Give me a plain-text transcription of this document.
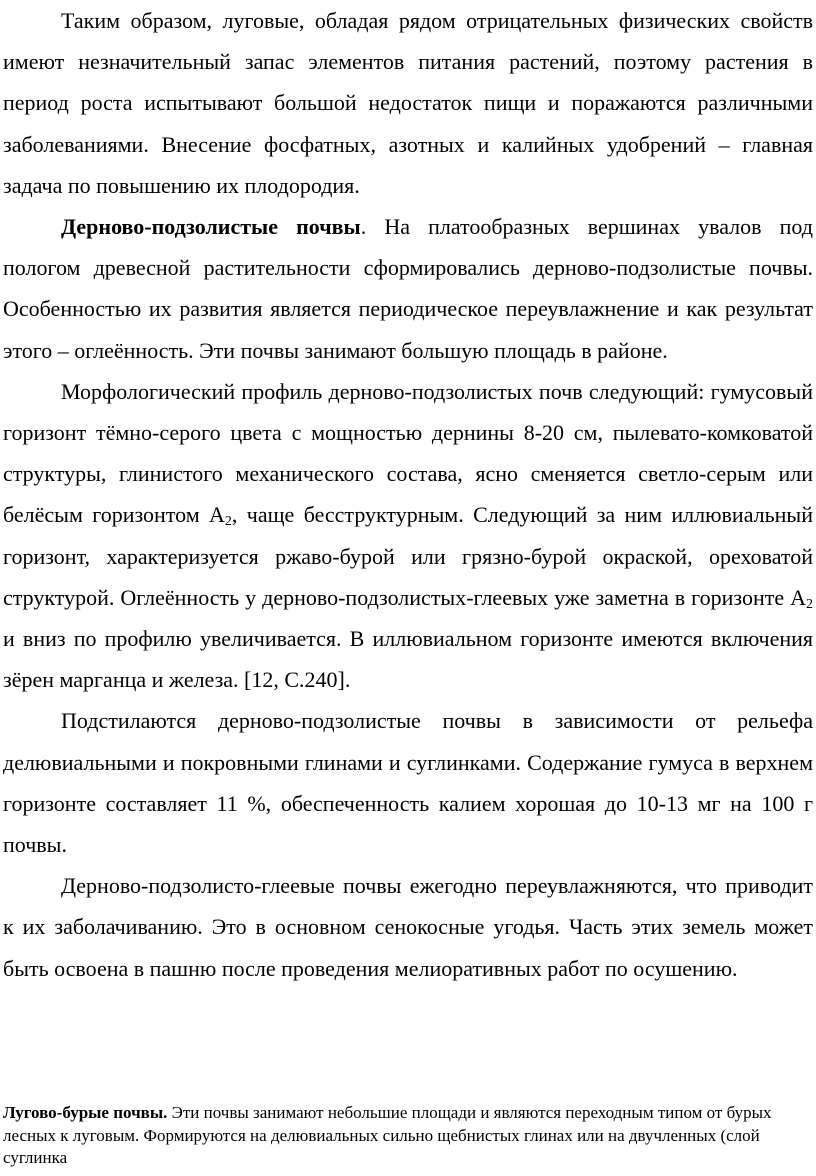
Таким образом, луговые, обладая рядом отрицательных физических свойств имеют незначительный запас элементов питания растений, поэтому растения в период роста испытывают большой недостаток пищи и поражаются различными заболеваниями. Внесение фосфатных, азотных и калийных удобрений – главная задача по повышению их плодородия.

Дерново-подзолистые почвы. На платообразных вершинах увалов под пологом древесной растительности сформировались дерново-подзолистые почвы. Особенностью их развития является периодическое переувлажнение и как результат этого – оглеённость. Эти почвы занимают большую площадь в районе.

Морфологический профиль дерново-подзолистых почв следующий: гумусовый горизонт тёмно-серого цвета с мощностью дернины 8-20 см, пылевато-комковатой структуры, глинистого механического состава, ясно сменяется светло-серым или белёсым горизонтом $А_2$, чаще бесструктурным. Следующий за ним иллювиальный горизонт, характеризуется ржаво-бурой или грязно-бурой окраской, ореховатой структурой. Оглеённость у дерново-подзолистых-глеевых уже заметна в горизонте $А_2$ и вниз по профилю увеличивается. В иллювиальном горизонте имеются включения зёрен марганца и железа. [12, С.240].

Подстилаются дерново-подзолистые почвы в зависимости от рельефа делювиальными и покровными глинами и суглинками. Содержание гумуса в верхнем горизонте составляет 11 %, обеспеченность калием хорошая до 10-13 мг на 100 г почвы.

Дерново-подзолисто-глеевые почвы ежегодно переувлажняются, что приводит к их заболачиванию. Это в основном сенокосные угодья. Часть этих земель может быть освоена в пашню после проведения мелиоративных работ по осушению.

Лугово-бурые почвы. Эти почвы занимают небольшие площади и являются переходным типом от бурых лесных к луговым. Формируются на делювиальных сильно щебнистых глинах или на двучленных (слой суглинка
